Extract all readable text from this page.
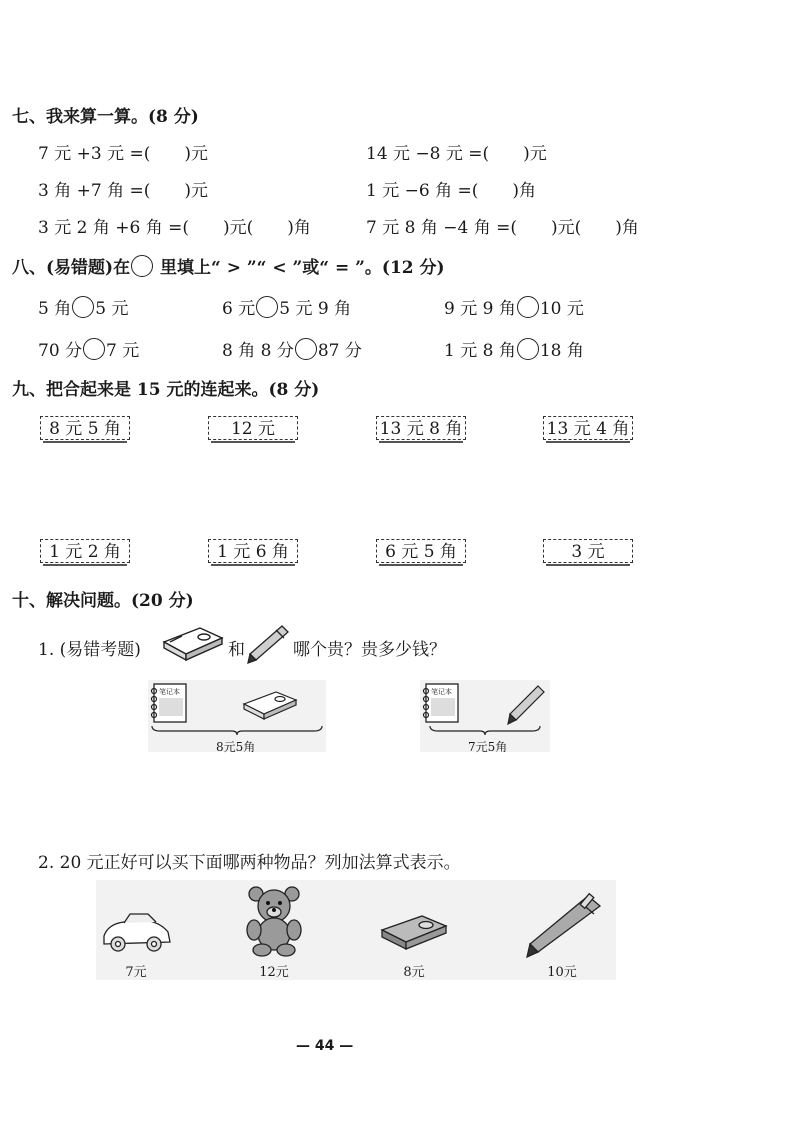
七、我来算一算。(8 分)
7 元 +3 元 =(　　)元	14 元 −8 元 =(　　)元
3 角 +7 角 =(　　)元	1 元 −6 角 =(　　)角
3 元 2 角 +6 角 =(　　)元(　　)角	7 元 8 角 −4 角 =(　　)元(　　)角
八、(易错题)在 里填上“ > ”“ < ”或“ = ”。(12 分)
5 角 5 元	6 元 5 元 9 角	9 元 9 角 10 元
70 分 7 元	8 角 8 分 87 分	1 元 8 角 18 角
九、把合起来是 15 元的连起来。(8 分)
8 元 5 角	12 元	13 元 8 角	13 元 4 角
1 元 2 角	1 元 6 角	6 元 5 角	3 元
十、解决问题。(20 分)
1. (易错考题)	和	哪个贵？贵多少钱？
笔记本
8元5角
笔记本
7元5角
2. 20 元正好可以买下面哪两种物品？列加法算式表示。
7元	12元	8元	10元
— 44 —
